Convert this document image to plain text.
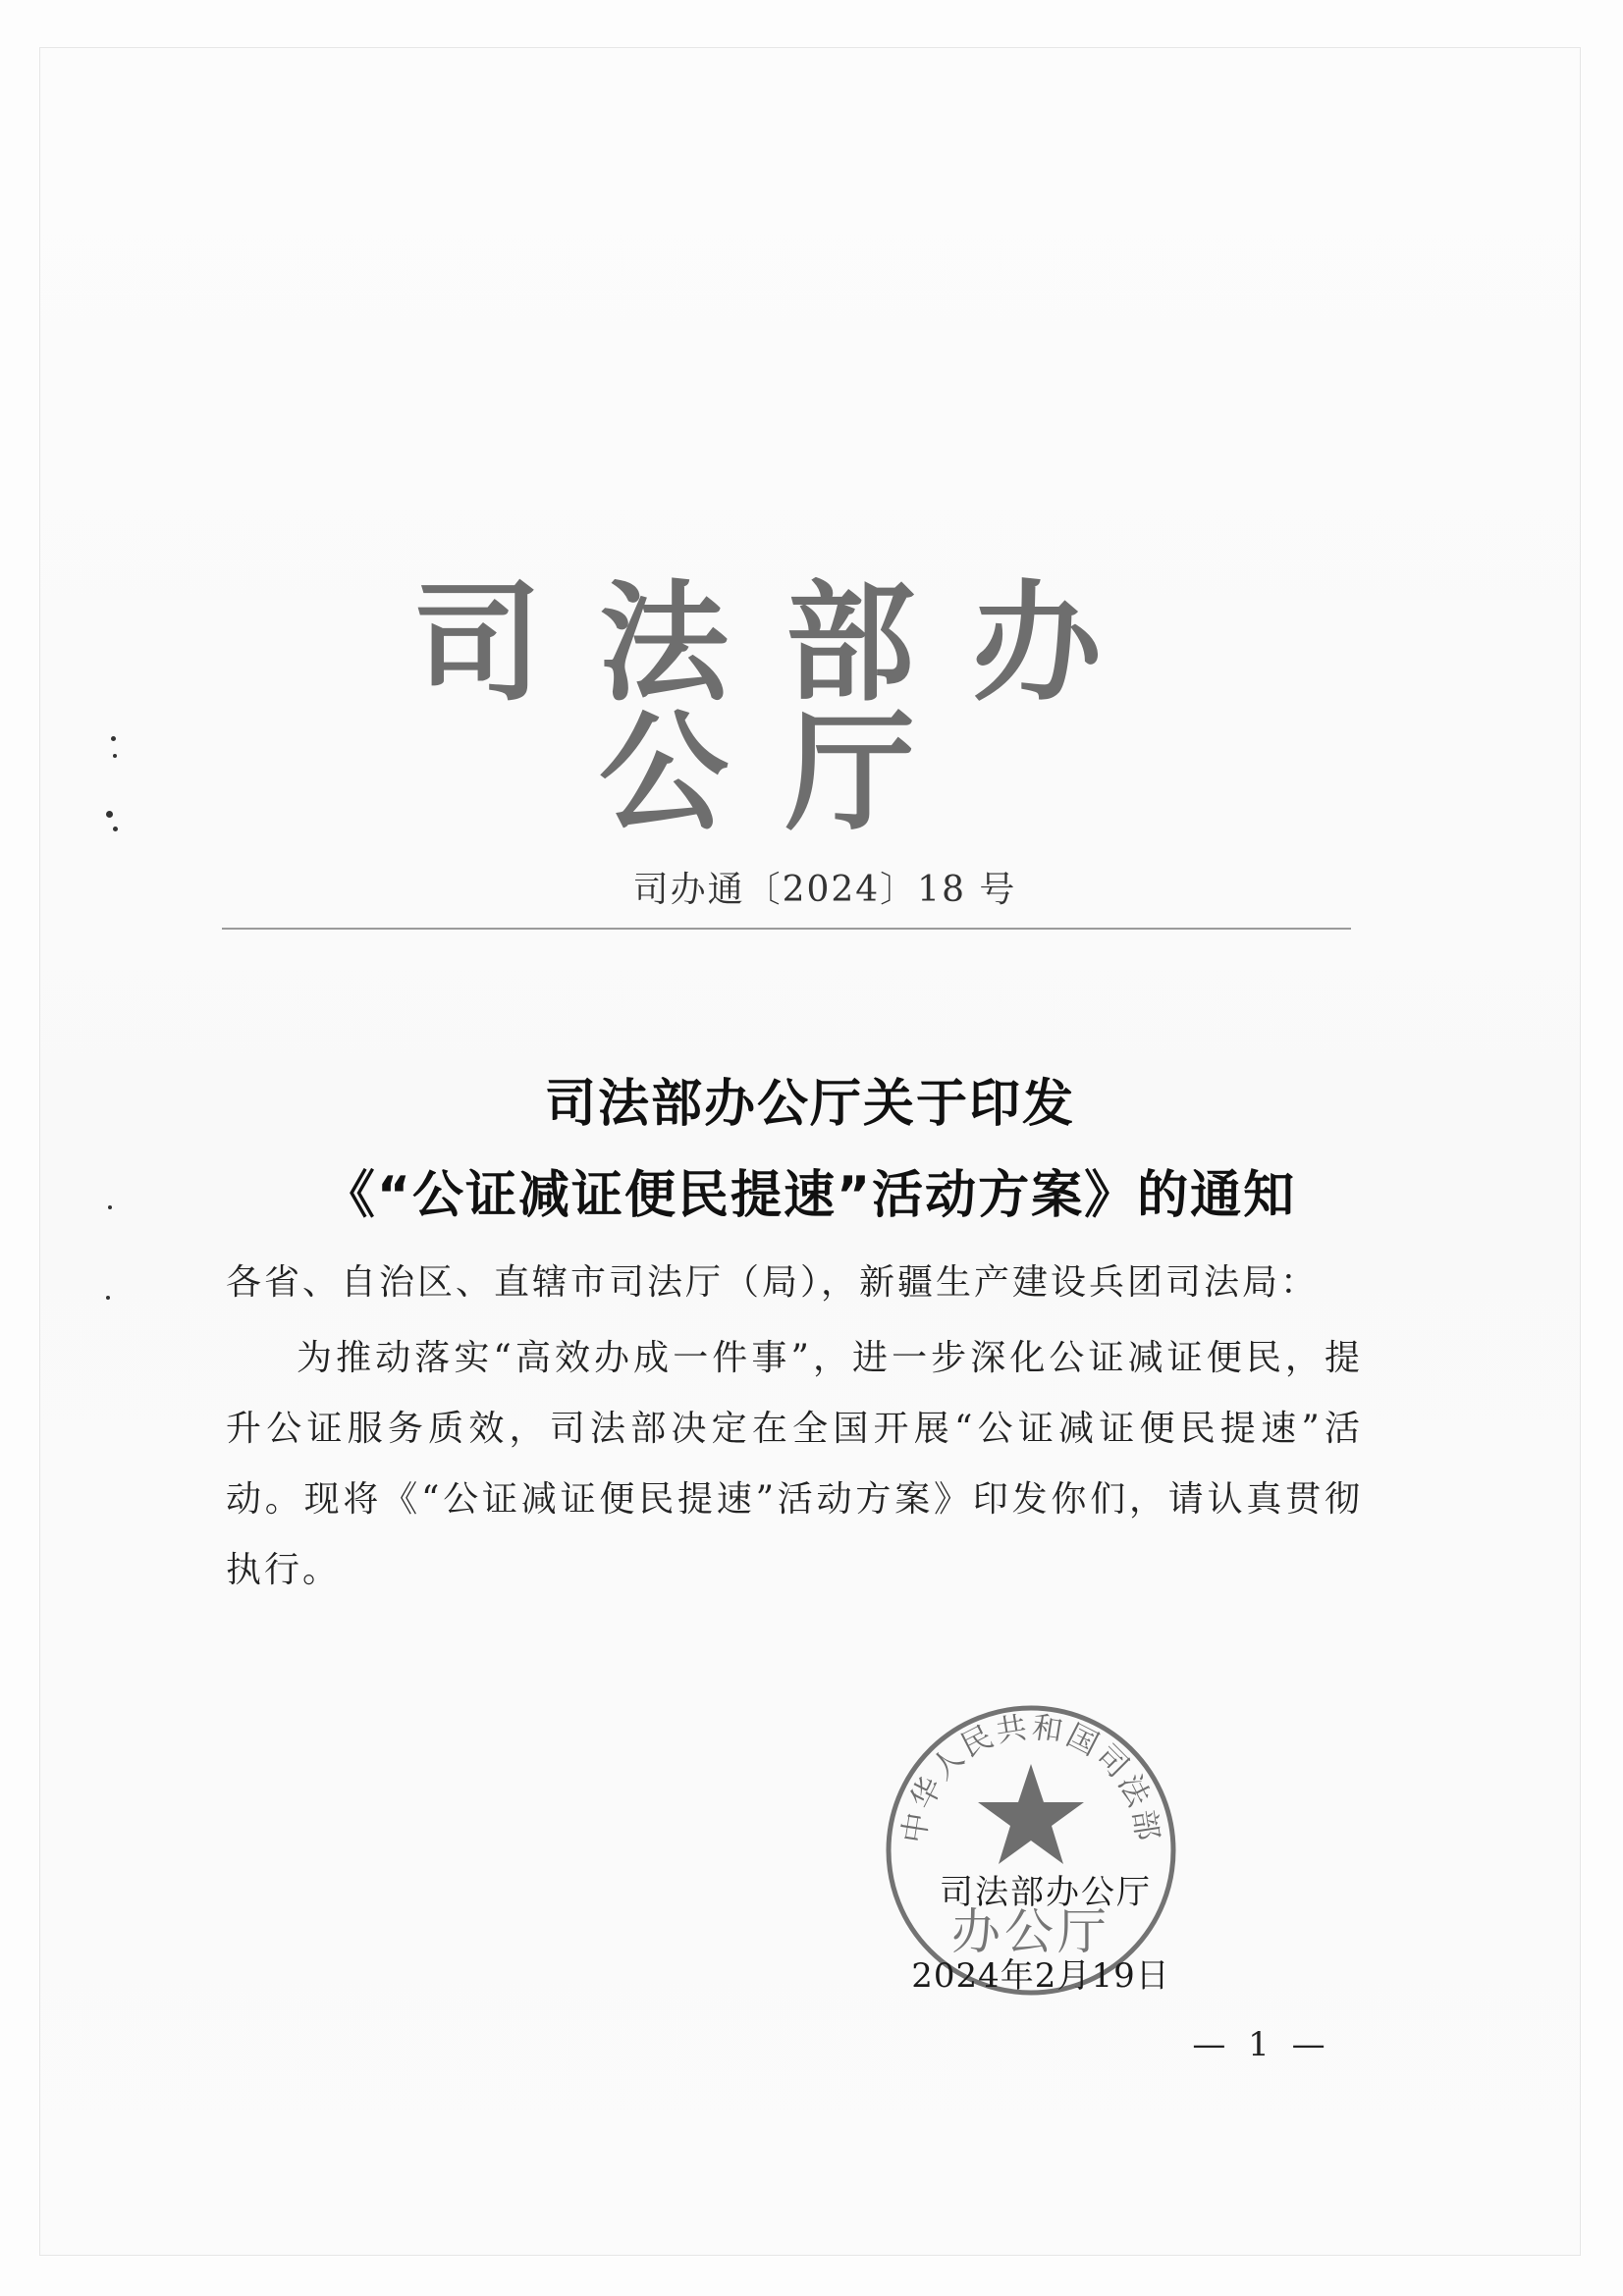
司法部办公厅
司办通〔2024〕18 号
司法部办公厅关于印发
《“公证减证便民提速”活动方案》的通知
各省、自治区、直辖市司法厅（局），新疆生产建设兵团司法局：

为推动落实“高效办成一件事”，进一步深化公证减证便民，提升公证服务质效，司法部决定在全国开展“公证减证便民提速”活动。现将《“公证减证便民提速”活动方案》印发你们，请认真贯彻执行。

中华人民共和国司法部
办公厅
司法部办公厅
2024年2月19日
— 1 —
